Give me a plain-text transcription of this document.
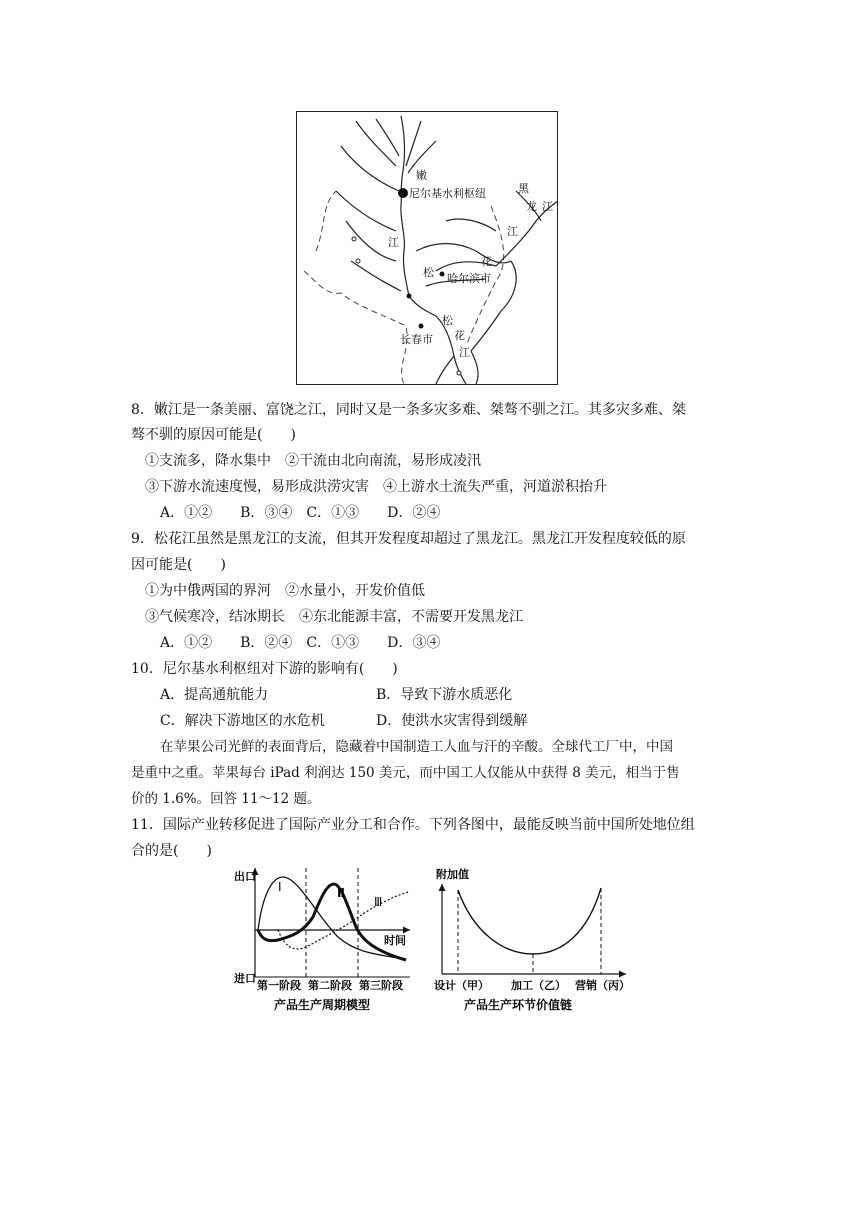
嫩
尼尔基水利枢纽	黑
龙 江
江
江
花
松 哈尔滨市
松
花
江
长春市
8．嫩江是一条美丽、富饶之江，同时又是一条多灾多难、桀骜不驯之江。其多灾多难、桀
骜不驯的原因可能是(　　)
①支流多，降水集中　②干流由北向南流，易形成凌汛
③下游水流速度慢，易形成洪涝灾害　④上游水土流失严重，河道淤积抬升
A．①②　　B．③④　C．①③　　D．②④
9．松花江虽然是黑龙江的支流，但其开发程度却超过了黑龙江。黑龙江开发程度较低的原
因可能是(　　)
①为中俄两国的界河　②水量小，开发价值低
③气候寒冷，结冰期长　④东北能源丰富，不需要开发黑龙江
A．①②　　B．②④　C．①③　　D．③④
10．尼尔基水利枢纽对下游的影响有(　　)
A．提高通航能力	B．导致下游水质恶化
C．解决下游地区的水危机	D．使洪水灾害得到缓解
在苹果公司光鲜的表面背后，隐藏着中国制造工人血与汗的辛酸。全球代工厂中，中国
是重中之重。苹果每台 iPad 利润达 150 美元，而中国工人仅能从中获得 8 美元，相当于售
价的 1.6%。回答 11～12 题。
11．国际产业转移促进了国际产业分工和合作。下列各图中，最能反映当前中国所处地位组
合的是(　　)
出口
进口
时间
Ⅰ	Ⅱ
Ⅲ
第一阶段 第二阶段 第三阶段
产品生产周期模型
附加值
设计（甲） 加工（乙） 营销（丙）
产品生产环节价值链
